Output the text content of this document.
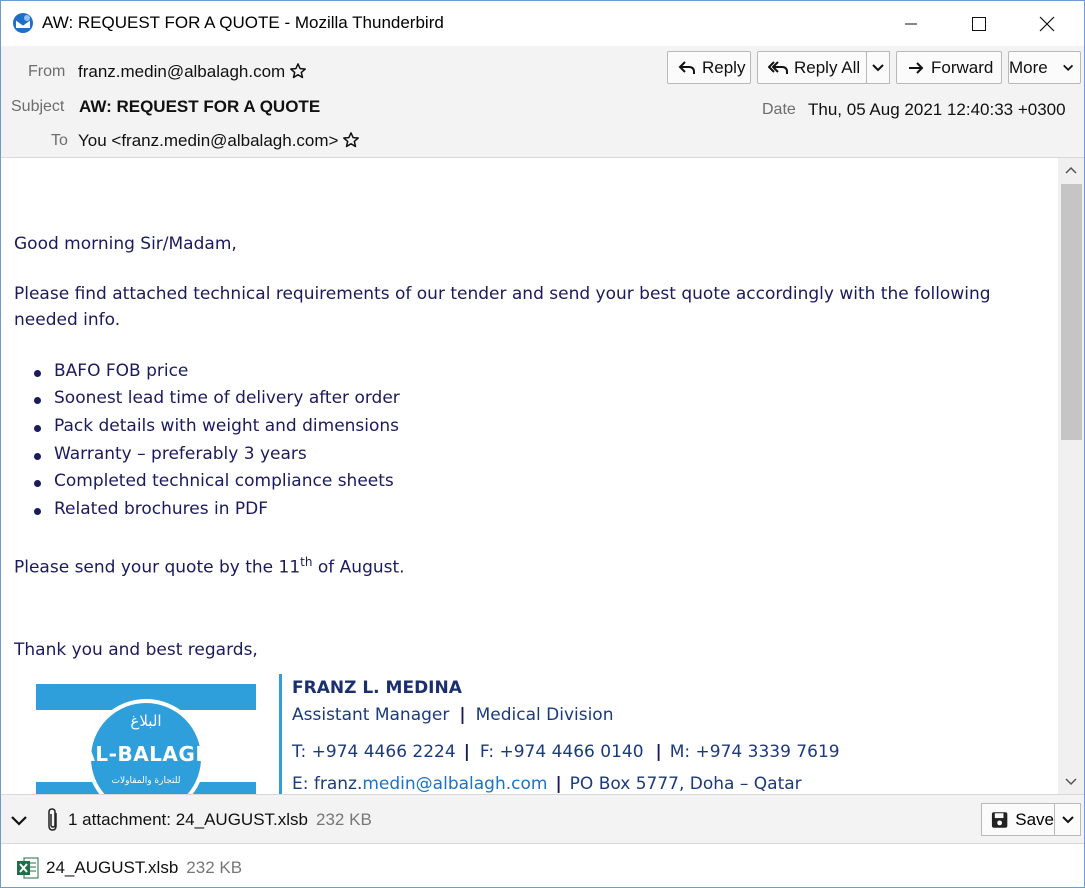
AW: REQUEST FOR A QUOTE - Mozilla Thunderbird
From franz.medin@albalagh.com
Subject AW: REQUEST FOR A QUOTE
To You <franz.medin@albalagh.com>
Date Thu, 05 Aug 2021 12:40:33 +0300
Reply	Reply All	Forward More
Good morning Sir/Madam,
Please find attached technical requirements of our tender and send your best quote accordingly with the following
needed info.
BAFO FOB price
Soonest lead time of delivery after order
Pack details with weight and dimensions
Warranty – preferably 3 years
Completed technical compliance sheets
Related brochures in PDF
Please send your quote by the 11th of August.
Thank you and best regards,
البلاغ
AL-BALAGH
للتجارة والمقاولات
FRANZ L. MEDINA
Assistant Manager | Medical Division
T: +974 4466 2224 | F: +974 4466 0140 | M: +974 3339 7619
E: franz.medin@albalagh.com | PO Box 5777, Doha – Qatar
1 attachment: 24_AUGUST.xlsb 232 KB	Save
24_AUGUST.xlsb 232 KB
